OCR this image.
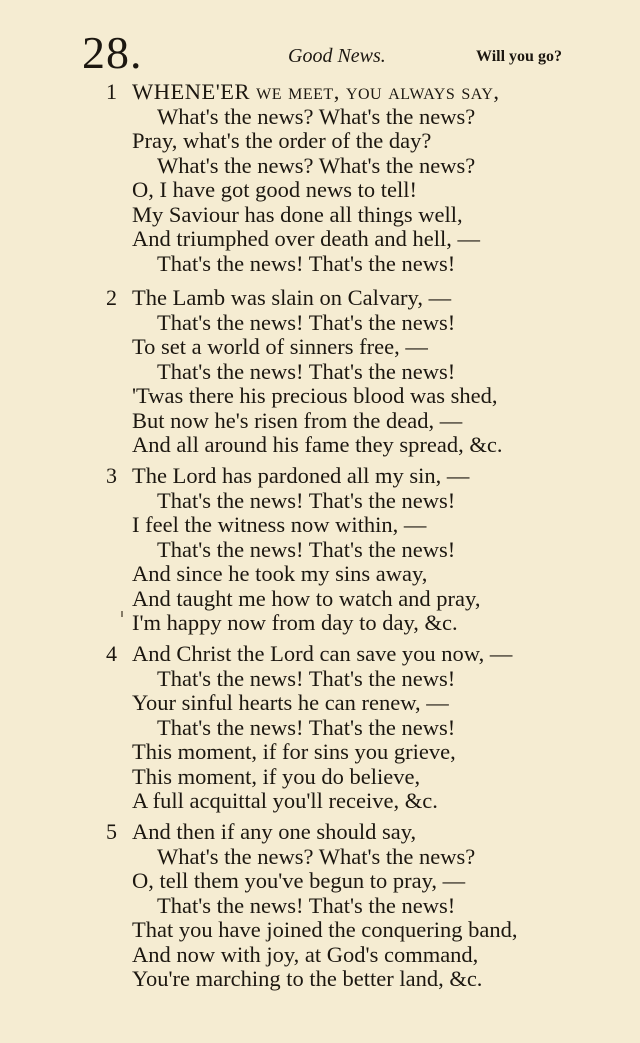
28.	Good News.	Will you go?
1 WHENE'ER we meet, you always say,
What's the news? What's the news?
Pray, what's the order of the day?
What's the news? What's the news?
O, I have got good news to tell!
My Saviour has done all things well,
And triumphed over death and hell, —
That's the news! That's the news!
2 The Lamb was slain on Calvary, —
That's the news! That's the news!
To set a world of sinners free, —
That's the news! That's the news!
'Twas there his precious blood was shed,
But now he's risen from the dead, —
And all around his fame they spread, &c.
3 The Lord has pardoned all my sin, —
That's the news! That's the news!
I feel the witness now within, —
That's the news! That's the news!
And since he took my sins away,
And taught me how to watch and pray,
I'm happy now from day to day, &c.
4 And Christ the Lord can save you now, —
That's the news! That's the news!
Your sinful hearts he can renew, —
That's the news! That's the news!
This moment, if for sins you grieve,
This moment, if you do believe,
A full acquittal you'll receive, &c.
5 And then if any one should say,
What's the news? What's the news?
O, tell them you've begun to pray, —
That's the news! That's the news!
That you have joined the conquering band,
And now with joy, at God's command,
You're marching to the better land, &c.
